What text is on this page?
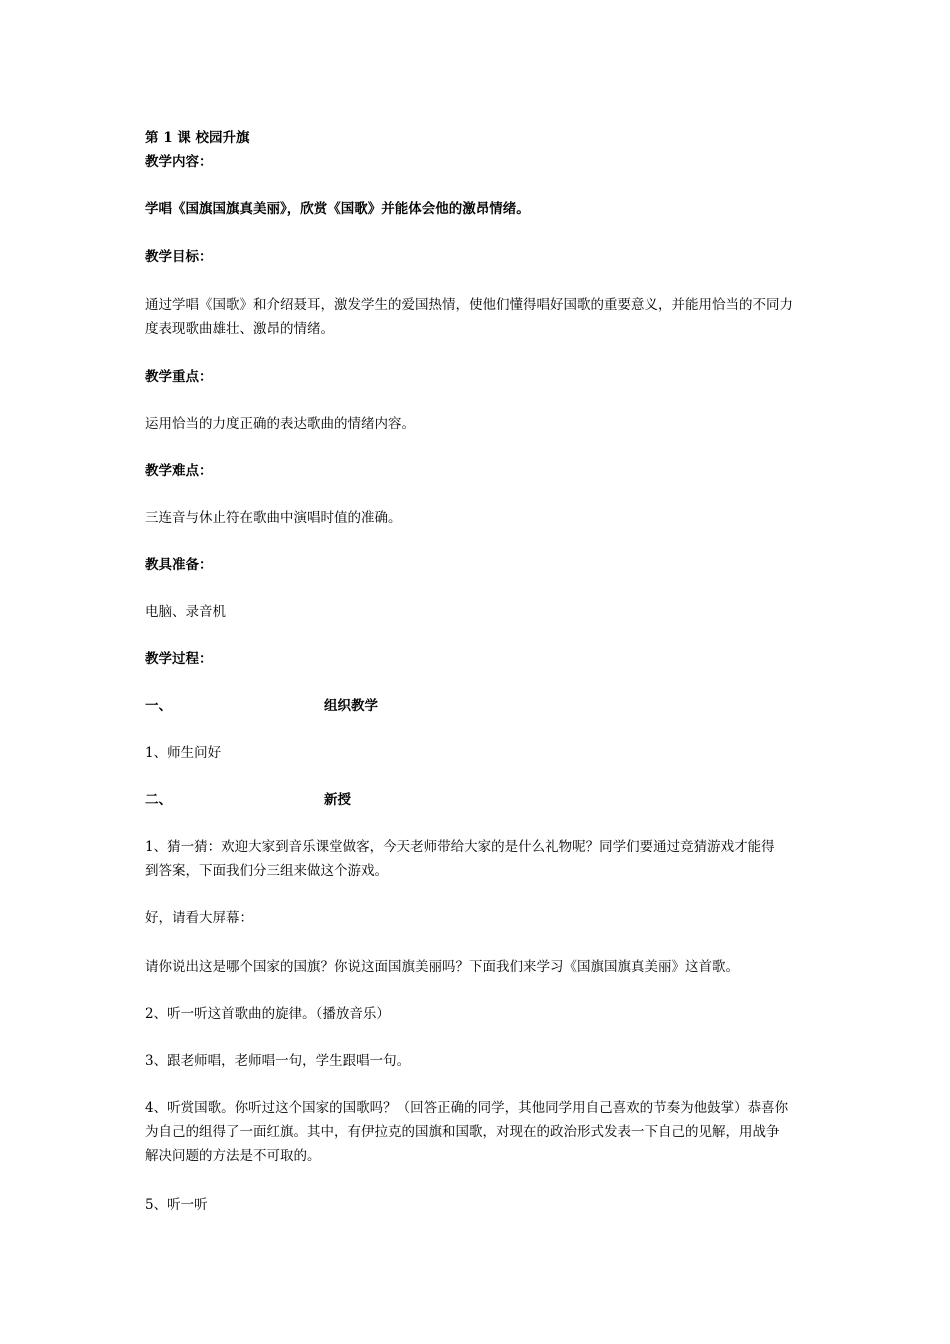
第 1 课 校园升旗
教学内容：
学唱《国旗国旗真美丽》，欣赏《国歌》并能体会他的激昂情绪。
教学目标：
通过学唱《国歌》和介绍聂耳，激发学生的爱国热情，使他们懂得唱好国歌的重要意义，并能用恰当的不同力
度表现歌曲雄壮、激昂的情绪。
教学重点：
运用恰当的力度正确的表达歌曲的情绪内容。
教学难点：
三连音与休止符在歌曲中演唱时值的准确。
教具准备：
电脑、录音机
教学过程：
一、	组织教学
1、师生问好
二、	新授
1、猜一猜：欢迎大家到音乐课堂做客，今天老师带给大家的是什么礼物呢？同学们要通过竞猜游戏才能得
到答案，下面我们分三组来做这个游戏。
好，请看大屏幕：
请你说出这是哪个国家的国旗？你说这面国旗美丽吗？下面我们来学习《国旗国旗真美丽》这首歌。
2、听一听这首歌曲的旋律。（播放音乐）
3、跟老师唱，老师唱一句，学生跟唱一句。
4、听赏国歌。你听过这个国家的国歌吗？（回答正确的同学，其他同学用自己喜欢的节奏为他鼓掌）恭喜你
为自己的组得了一面红旗。其中，有伊拉克的国旗和国歌，对现在的政治形式发表一下自己的见解，用战争
解决问题的方法是不可取的。
5、听一听
